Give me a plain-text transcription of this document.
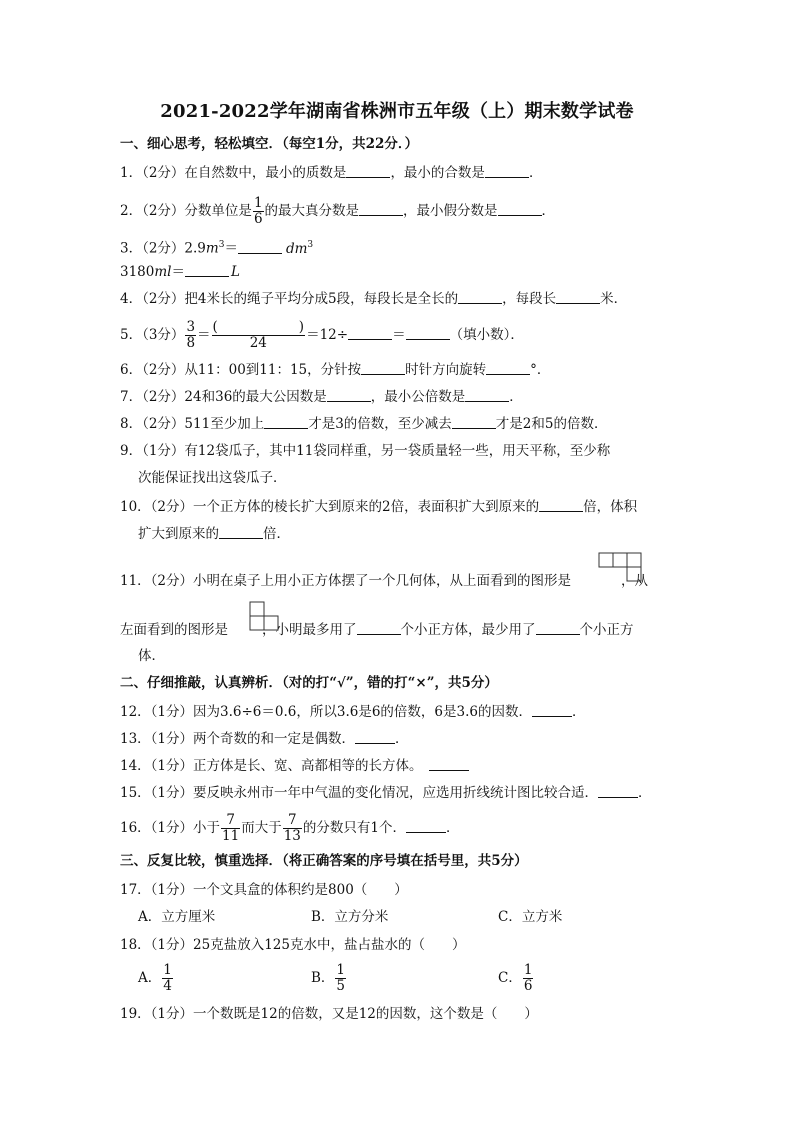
2021-2022学年湖南省株洲市五年级（上）期末数学试卷
一、细心思考，轻松填空．（每空1分，共22分．）
1．（2分）在自然数中，最小的质数是	，最小的合数是	．
2．（2分）分数单位是 $\frac{1}{6}$ 的最大真分数是	，最小假分数是	．
3．（2分）$2.9m^3=$	$dm^3$
3180ml＝	L
4．（2分）把4米长的绳子平均分成5段，每段长是全长的	，每段长	米．
5．（3分） $\frac{3}{8} = \frac{( )}{24} =12\div$	＝	（填小数）．
6．（2分）从11：00到11：15，分针按	时针方向旋转	°．
7．（2分）24和36的最大公因数是	，最小公倍数是	．
8．（2分）511至少加上	才是3的倍数，至少减去	才是2和5的倍数．
9．（1分）有12袋瓜子，其中11袋同样重，另一袋质量轻一些，用天平称，至少称
次能保证找出这袋瓜子．
10．（2分）一个正方体的棱长扩大到原来的2倍，表面积扩大到原来的	倍，体积
扩大到原来的	倍．
11．（2分）小明在桌子上用小正方体摆了一个几何体，从上面看到的图形是	，从
左面看到的图形是	，小明最多用了	个小正方体，最少用了	个小正方
体．
二、仔细推敲，认真辨析．（对的打“√”，错的打“×”，共5分）
12．（1分）因为3.6÷6＝0.6，所以3.6是6的倍数，6是3.6的因数．	．
13．（1分）两个奇数的和一定是偶数．	．
14．（1分）正方体是长、宽、高都相等的长方体。
15．（1分）要反映永州市一年中气温的变化情况，应选用折线统计图比较合适．	．
16．（1分）小于 $\frac{7}{11}$ 而大于 $\frac{7}{13}$ 的分数只有1个．	．
三、反复比较，慎重选择．（将正确答案的序号填在括号里，共5分）
17．（1分）一个文具盒的体积约是800（　　）
A．立方厘米	B．立方分米	C．立方米
18．（1分）25克盐放入125克水中，盐占盐水的（　　）
A． $\frac{1}{4}$	B． $\frac{1}{5}$	C． $\frac{1}{6}$
19．（1分）一个数既是12的倍数，又是12的因数，这个数是（　　）
